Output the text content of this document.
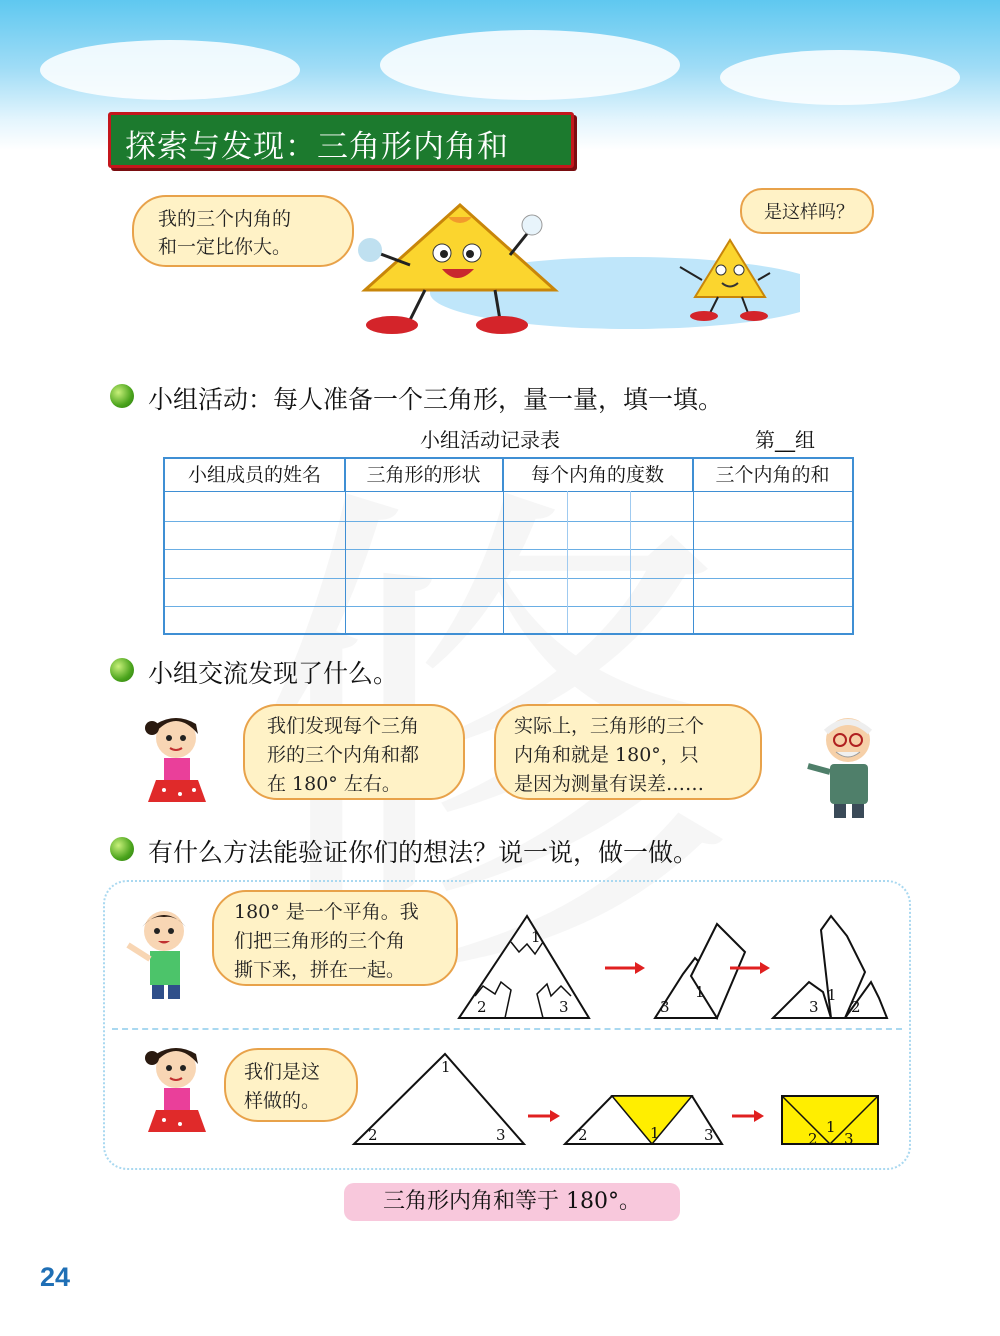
探索与发现：三角形内角和
我的三个内角的
和一定比你大。
是这样吗？
小组活动：每人准备一个三角形，量一量，填一填。
小组活动记录表	第__组
小组成员的姓名	三角形的形状	每个内角的度数	三个内角的和
小组交流发现了什么。
我们发现每个三角
形的三个内角和都
在 180° 左右。
实际上，三角形的三个
内角和就是 180°，只
是因为测量有误差……
有什么方法能验证你们的想法？说一说，做一做。
180° 是一个平角。我
们把三角形的三个角
撕下来，拼在一起。
1
2	3	3
1
3
1
2
我们是这
样做的。
1
2	3	1
2	3	1
2 3
三角形内角和等于 180°。
24
